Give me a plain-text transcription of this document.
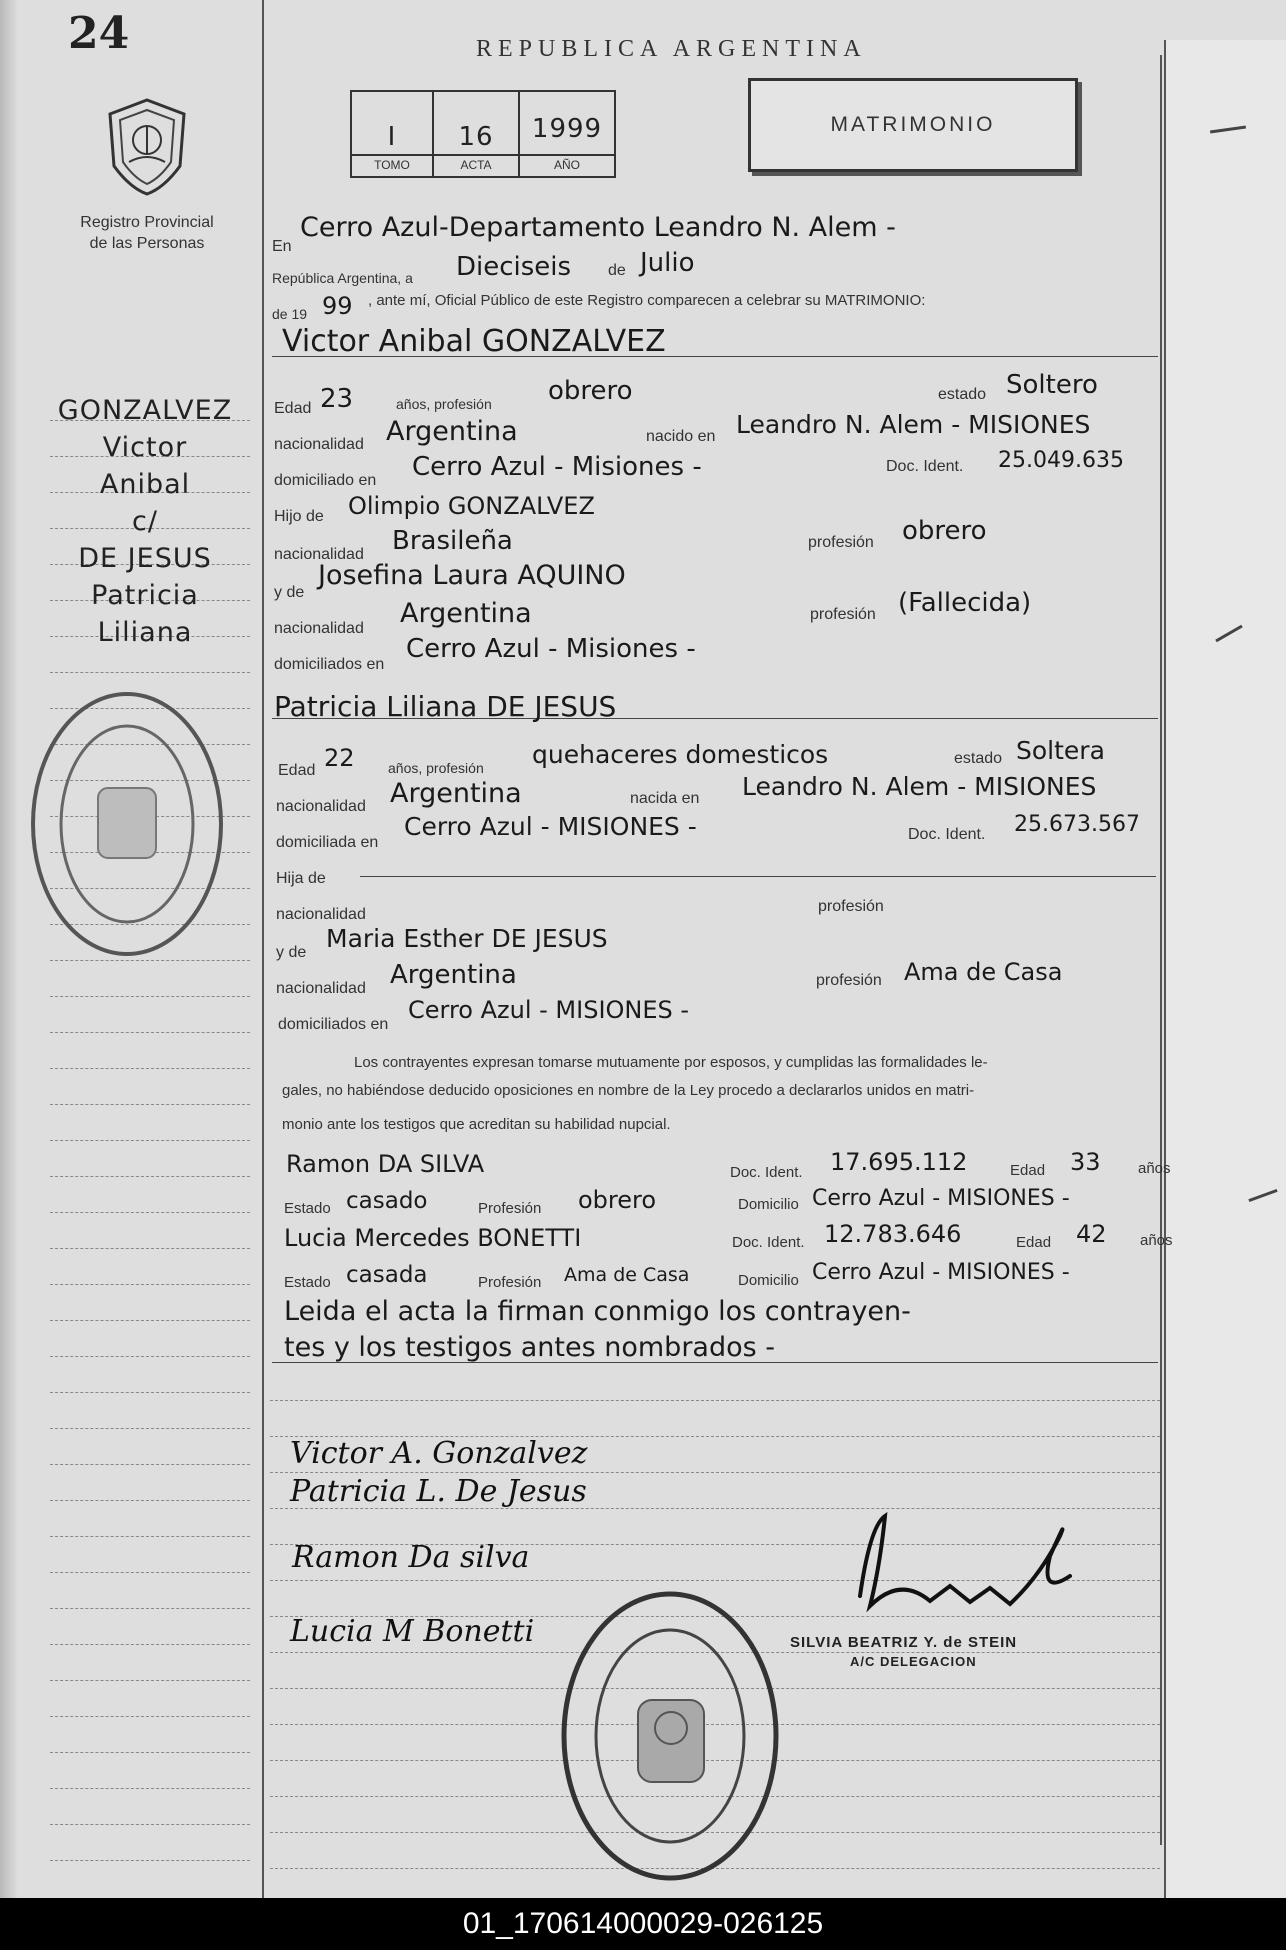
24
Registro Provincial
de las Personas
GONZALVEZ
Victor
Anibal
c/
DE JESUS
Patricia
Liliana
REPUBLICA ARGENTINA
I	16	1999
TOMO	ACTA	AÑO
MATRIMONIO
En
Cerro Azul-Departamento Leandro N. Alem -
República Argentina, a Dieciseis de Julio
de 19 99 , ante mí, Oficial Público de este Registro comparecen a celebrar su MATRIMONIO:
Victor Anibal GONZALVEZ
Edad 23	años, profesión obrero	estado Soltero
nacionalidad Argentina	nacido en Leandro N. Alem - MISIONES
domiciliado en Cerro Azul - Misiones -	Doc. Ident. 25.049.635
Hijo de Olimpio GONZALVEZ
nacionalidad Brasileña	profesión obrero
y de
Josefina Laura AQUINO
nacionalidad Argentina	profesión (Fallecida)
domiciliados en
Cerro Azul - Misiones -
Patricia Liliana DE JESUS
Edad 22 años, profesión quehaceres domesticos	estado Soltera
nacionalidad Argentina	nacida en Leandro N. Alem - MISIONES
domiciliada en
Cerro Azul - MISIONES -	Doc. Ident. 25.673.567
Hija de
nacionalidad	profesión
y de Maria Esther DE JESUS
nacionalidad Argentina	profesión Ama de Casa
domiciliados en
Cerro Azul - MISIONES -
Los contrayentes expresan tomarse mutuamente por esposos, y cumplidas las formalidades le-
gales, no habiéndose deducido oposiciones en nombre de la Ley procedo a declararlos unidos en matri-
monio ante los testigos que acreditan su habilidad nupcial.
Ramon DA SILVA	Doc. Ident. 17.695.112	Edad 33 años
Estado casado	Profesión obrero	Domicilio Cerro Azul - MISIONES -
Lucia Mercedes BONETTI	Doc. Ident. 12.783.646	Edad 42 años
Estado casada	Profesión Ama de Casa	Domicilio Cerro Azul - MISIONES -
Leida el acta la firman conmigo los contrayen-
tes y los testigos antes nombrados -
Victor A. Gonzalvez
Patricia L. De Jesus
Ramon Da silva
Lucia M Bonetti	SILVIA BEATRIZ Y. de STEIN
A/C DELEGACION
01_170614000029-026125
